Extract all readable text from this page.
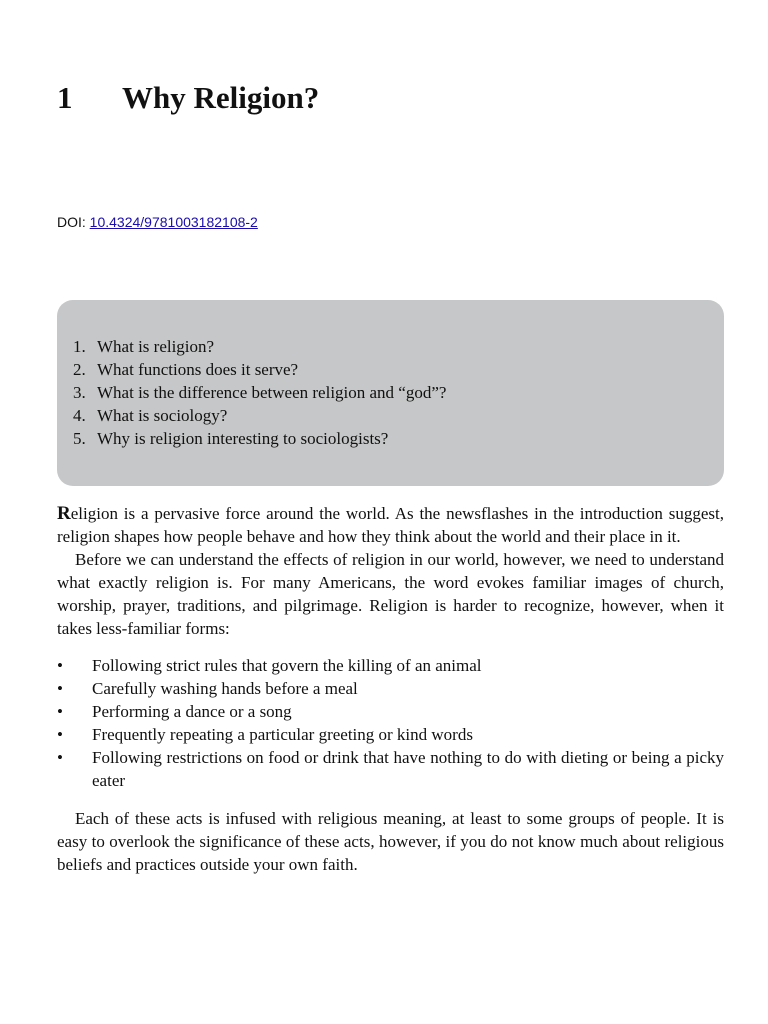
1 Why Religion?
DOI: 10.4324/9781003182108-2
1. What is religion?
2. What functions does it serve?
3. What is the difference between religion and “god”?
4. What is sociology?
5. Why is religion interesting to sociologists?

Religion is a pervasive force around the world. As the newsflashes in the introduction suggest, religion shapes how people behave and how they think about the world and their place in it.

Before we can understand the effects of religion in our world, however, we need to understand what exactly religion is. For many Americans, the word evokes familiar images of church, worship, prayer, traditions, and pilgrimage. Religion is harder to recognize, however, when it takes less-familiar forms:

•	Following strict rules that govern the killing of an animal
•	Carefully washing hands before a meal
•	Performing a dance or a song
•	Frequently repeating a particular greeting or kind words
•	Following restrictions on food or drink that have nothing to do with dieting or being a picky eater

Each of these acts is infused with religious meaning, at least to some groups of people. It is easy to overlook the significance of these acts, however, if you do not know much about religious beliefs and practices outside your own faith.
